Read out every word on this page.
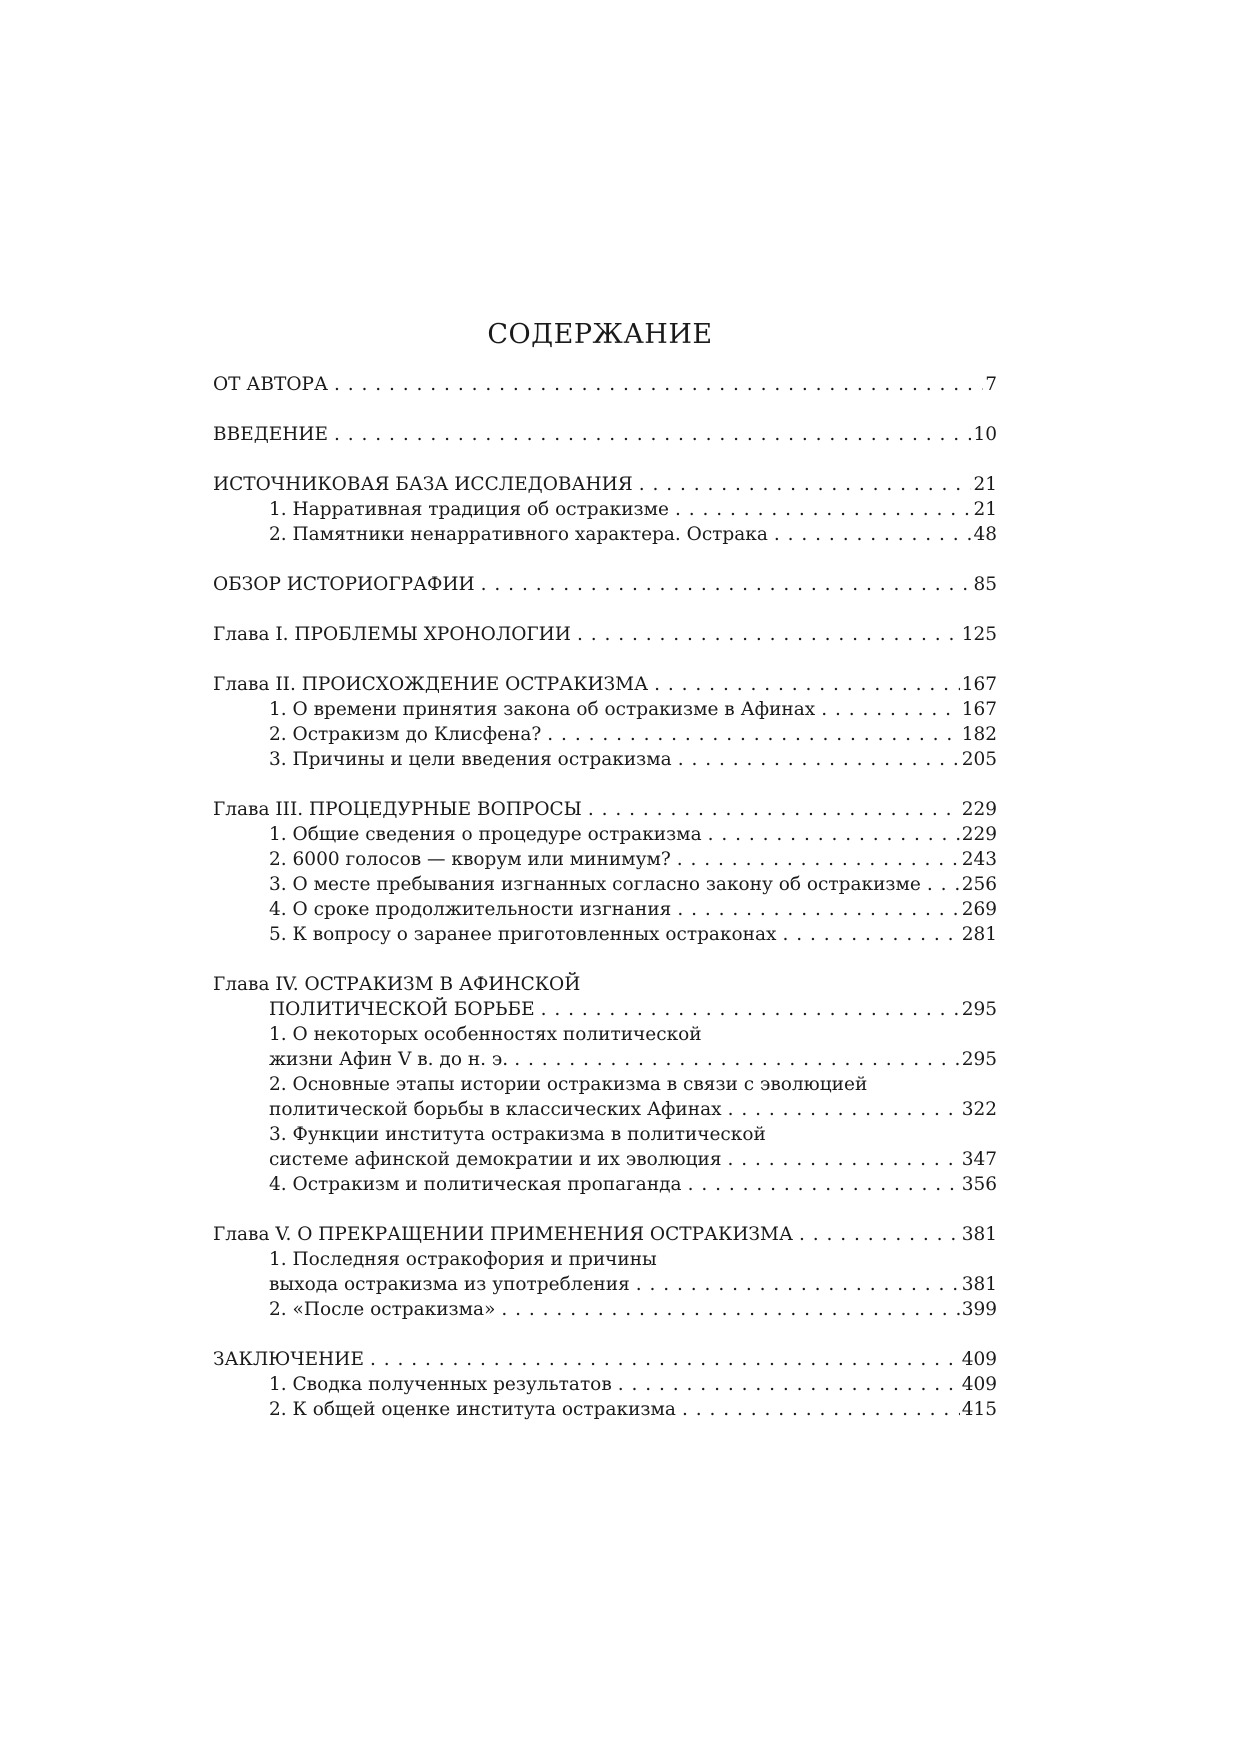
СОДЕРЖАНИЕ
ОТ АВТОРА . . .	7
ВВЕДЕНИЕ . . .	10
ИСТОЧНИКОВАЯ БАЗА ИССЛЕДОВАНИЯ . . .	21
1. Нарративная традиция об остракизме . . .	21
2. Памятники ненарративного характера. Острака . . .	48
ОБЗОР ИСТОРИОГРАФИИ . . .	85
Глава I. ПРОБЛЕМЫ ХРОНОЛОГИИ . . .	125
Глава II. ПРОИСХОЖДЕНИЕ ОСТРАКИЗМА . . .	167
1. О времени принятия закона об остракизме в Афинах . . .	167
2. Остракизм до Клисфена? . . .	182
3. Причины и цели введения остракизма . . .	205
Глава III. ПРОЦЕДУРНЫЕ ВОПРОСЫ . . .	229
1. Общие сведения о процедуре остракизма . . .	229
2. 6000 голосов — кворум или минимум? . . .	243
3. О месте пребывания изгнанных согласно закону об остракизме . . .	256
4. О сроке продолжительности изгнания . . .	269
5. К вопросу о заранее приготовленных остраконах . . .	281
Глава IV. ОСТРАКИЗМ В АФИНСКОЙ
ПОЛИТИЧЕСКОЙ БОРЬБЕ . . .	295
1. О некоторых особенностях политической
жизни Афин V в. до н. э. . . .	295
2. Основные этапы истории остракизма в связи с эволюцией
политической борьбы в классических Афинах . . .	322
3. Функции института остракизма в политической
системе афинской демократии и их эволюция . . .	347
4. Остракизм и политическая пропаганда . . .	356
Глава V. О ПРЕКРАЩЕНИИ ПРИМЕНЕНИЯ ОСТРАКИЗМА . . .	381
1. Последняя остракофория и причины
выхода остракизма из употребления . . .	381
2. «После остракизма» . . .	399
ЗАКЛЮЧЕНИЕ . . .	409
1. Сводка полученных результатов . . .	409
2. К общей оценке института остракизма . . .	415
